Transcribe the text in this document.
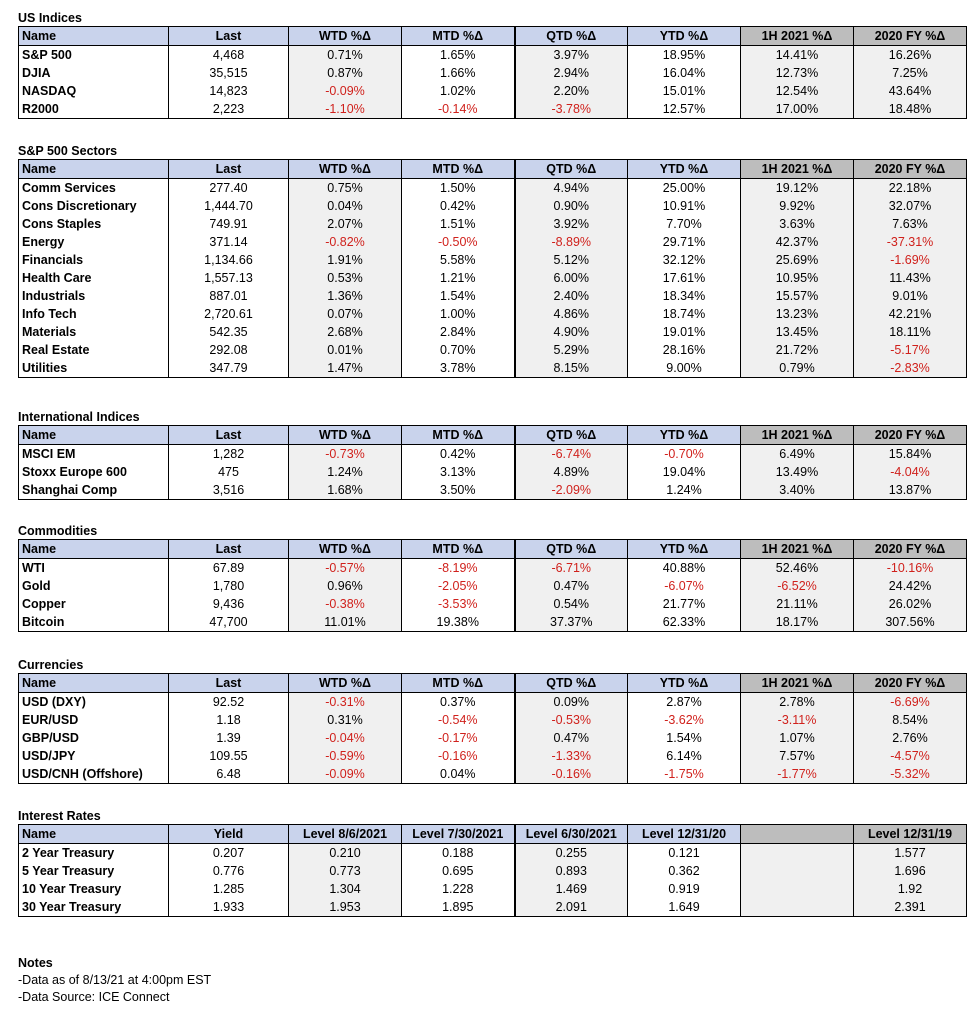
US Indices
Name	Last	WTD %Δ	MTD %Δ	QTD %Δ	YTD %Δ	1H 2021 %Δ	2020 FY %Δ
S&P 500	4,468	0.71%	1.65%	3.97%	18.95%	14.41%	16.26%
DJIA	35,515	0.87%	1.66%	2.94%	16.04%	12.73%	7.25%
NASDAQ	14,823	-0.09%	1.02%	2.20%	15.01%	12.54%	43.64%
R2000	2,223	-1.10%	-0.14%	-3.78%	12.57%	17.00%	18.48%
S&P 500 Sectors
Name	Last	WTD %Δ	MTD %Δ	QTD %Δ	YTD %Δ	1H 2021 %Δ	2020 FY %Δ
Comm Services	277.40	0.75%	1.50%	4.94%	25.00%	19.12%	22.18%
Cons Discretionary	1,444.70	0.04%	0.42%	0.90%	10.91%	9.92%	32.07%
Cons Staples	749.91	2.07%	1.51%	3.92%	7.70%	3.63%	7.63%
Energy	371.14	-0.82%	-0.50%	-8.89%	29.71%	42.37%	-37.31%
Financials	1,134.66	1.91%	5.58%	5.12%	32.12%	25.69%	-1.69%
Health Care	1,557.13	0.53%	1.21%	6.00%	17.61%	10.95%	11.43%
Industrials	887.01	1.36%	1.54%	2.40%	18.34%	15.57%	9.01%
Info Tech	2,720.61	0.07%	1.00%	4.86%	18.74%	13.23%	42.21%
Materials	542.35	2.68%	2.84%	4.90%	19.01%	13.45%	18.11%
Real Estate	292.08	0.01%	0.70%	5.29%	28.16%	21.72%	-5.17%
Utilities	347.79	1.47%	3.78%	8.15%	9.00%	0.79%	-2.83%
International Indices
Name	Last	WTD %Δ	MTD %Δ	QTD %Δ	YTD %Δ	1H 2021 %Δ	2020 FY %Δ
MSCI EM	1,282	-0.73%	0.42%	-6.74%	-0.70%	6.49%	15.84%
Stoxx Europe 600	475	1.24%	3.13%	4.89%	19.04%	13.49%	-4.04%
Shanghai Comp	3,516	1.68%	3.50%	-2.09%	1.24%	3.40%	13.87%
Commodities
Name	Last	WTD %Δ	MTD %Δ	QTD %Δ	YTD %Δ	1H 2021 %Δ	2020 FY %Δ
WTI	67.89	-0.57%	-8.19%	-6.71%	40.88%	52.46%	-10.16%
Gold	1,780	0.96%	-2.05%	0.47%	-6.07%	-6.52%	24.42%
Copper	9,436	-0.38%	-3.53%	0.54%	21.77%	21.11%	26.02%
Bitcoin	47,700	11.01%	19.38%	37.37%	62.33%	18.17%	307.56%
Currencies
Name	Last	WTD %Δ	MTD %Δ	QTD %Δ	YTD %Δ	1H 2021 %Δ	2020 FY %Δ
USD (DXY)	92.52	-0.31%	0.37%	0.09%	2.87%	2.78%	-6.69%
EUR/USD	1.18	0.31%	-0.54%	-0.53%	-3.62%	-3.11%	8.54%
GBP/USD	1.39	-0.04%	-0.17%	0.47%	1.54%	1.07%	2.76%
USD/JPY	109.55	-0.59%	-0.16%	-1.33%	6.14%	7.57%	-4.57%
USD/CNH (Offshore)	6.48	-0.09%	0.04%	-0.16%	-1.75%	-1.77%	-5.32%
Interest Rates
Name	Yield	Level 8/6/2021	Level 7/30/2021	Level 6/30/2021	Level 12/31/20		Level 12/31/19
2 Year Treasury	0.207	0.210	0.188	0.255	0.121		1.577
5 Year Treasury	0.776	0.773	0.695	0.893	0.362		1.696
10 Year Treasury	1.285	1.304	1.228	1.469	0.919		1.92
30 Year Treasury	1.933	1.953	1.895	2.091	1.649		2.391
Notes
-Data as of 8/13/21 at 4:00pm EST
-Data Source: ICE Connect
